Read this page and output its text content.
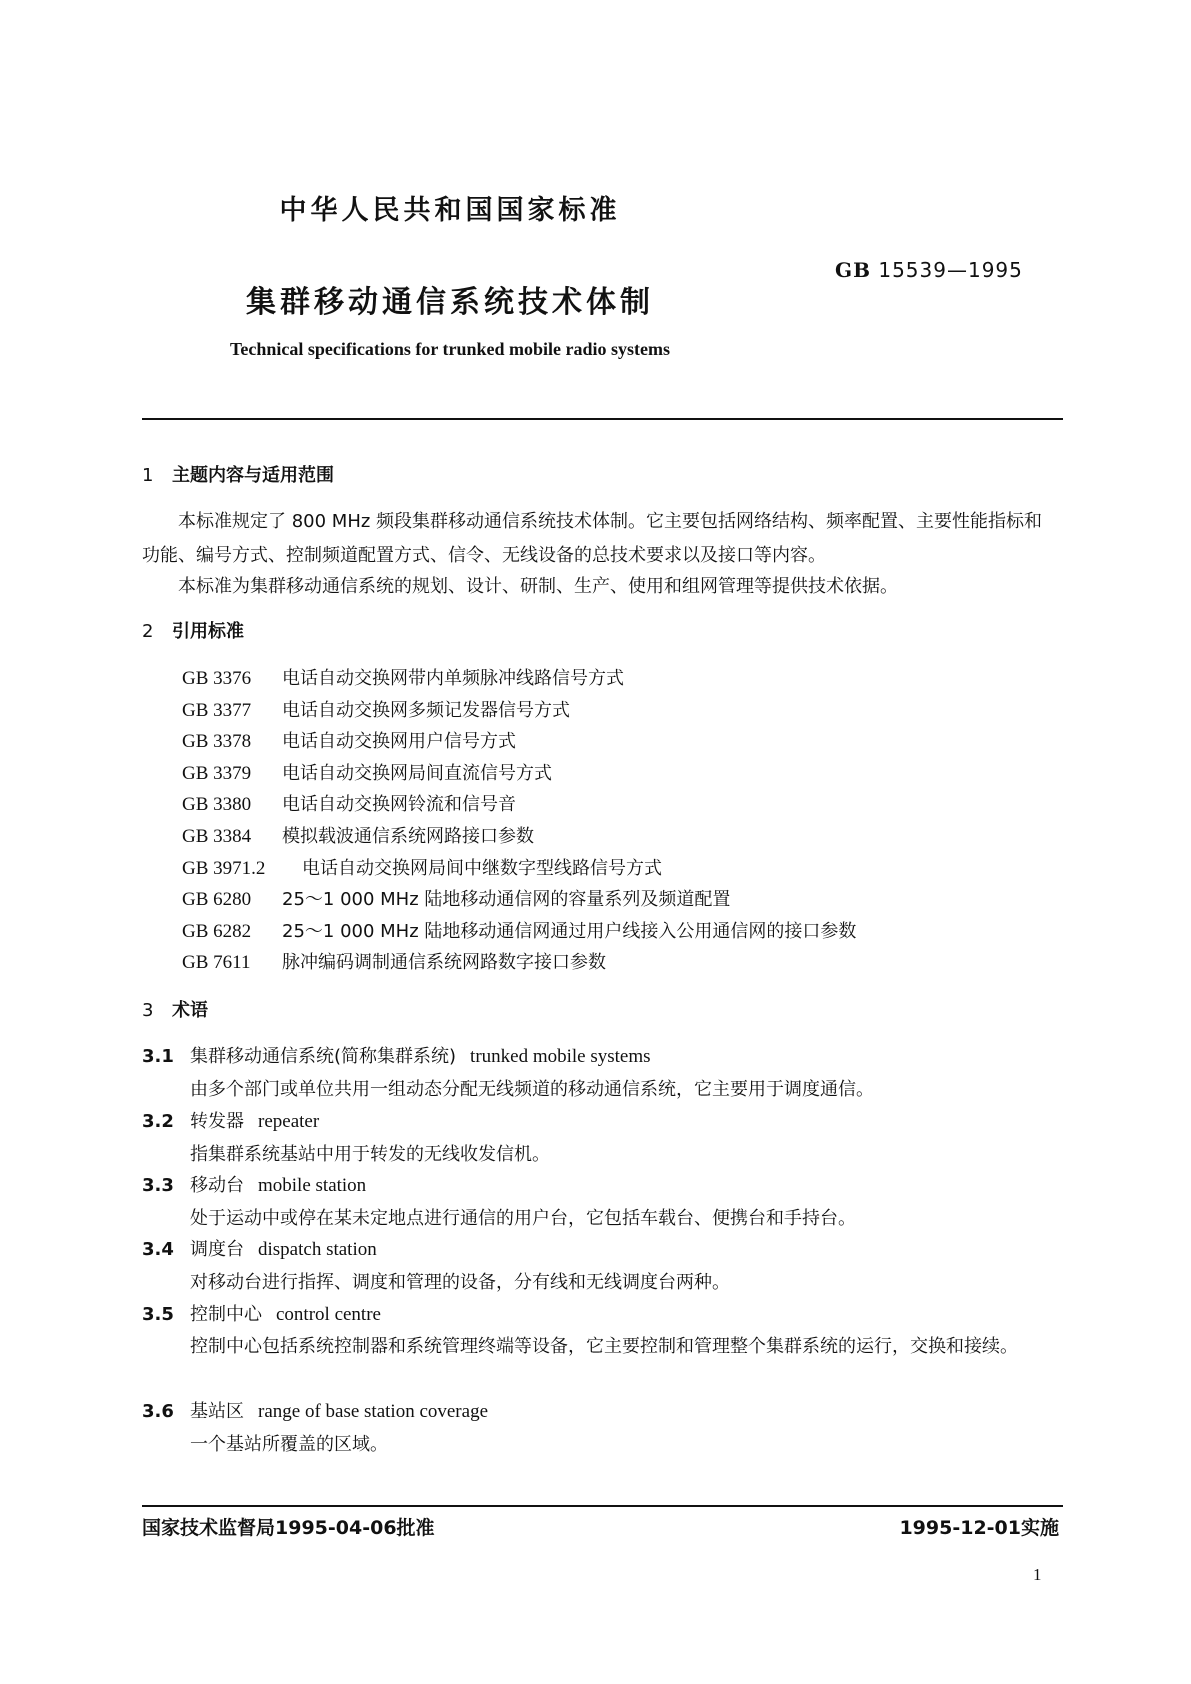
中华人民共和国国家标准
GB 15539—1995
集群移动通信系统技术体制
Technical specifications for trunked mobile radio systems
1 主题内容与适用范围
本标准规定了 800 MHz 频段集群移动通信系统技术体制。它主要包括网络结构、频率配置、主要性能指标和功能、编号方式、控制频道配置方式、信令、无线设备的总技术要求以及接口等内容。
本标准为集群移动通信系统的规划、设计、研制、生产、使用和组网管理等提供技术依据。
2 引用标准
GB 3376 电话自动交换网带内单频脉冲线路信号方式
GB 3377 电话自动交换网多频记发器信号方式
GB 3378 电话自动交换网用户信号方式
GB 3379 电话自动交换网局间直流信号方式
GB 3380 电话自动交换网铃流和信号音
GB 3384 模拟载波通信系统网路接口参数
GB 3971.2 电话自动交换网局间中继数字型线路信号方式
GB 6280 25～1 000 MHz 陆地移动通信网的容量系列及频道配置
GB 6282 25～1 000 MHz 陆地移动通信网通过用户线接入公用通信网的接口参数
GB 7611 脉冲编码调制通信系统网路数字接口参数
3 术语
3.1 集群移动通信系统(简称集群系统) trunked mobile systems
由多个部门或单位共用一组动态分配无线频道的移动通信系统，它主要用于调度通信。
3.2 转发器 repeater
指集群系统基站中用于转发的无线收发信机。
3.3 移动台 mobile station
处于运动中或停在某未定地点进行通信的用户台，它包括车载台、便携台和手持台。
3.4 调度台 dispatch station
对移动台进行指挥、调度和管理的设备，分有线和无线调度台两种。
3.5 控制中心 control centre
控制中心包括系统控制器和系统管理终端等设备，它主要控制和管理整个集群系统的运行，交换和接续。
3.6 基站区 range of base station coverage
一个基站所覆盖的区域。
国家技术监督局1995-04-06批准	1995-12-01实施
1
